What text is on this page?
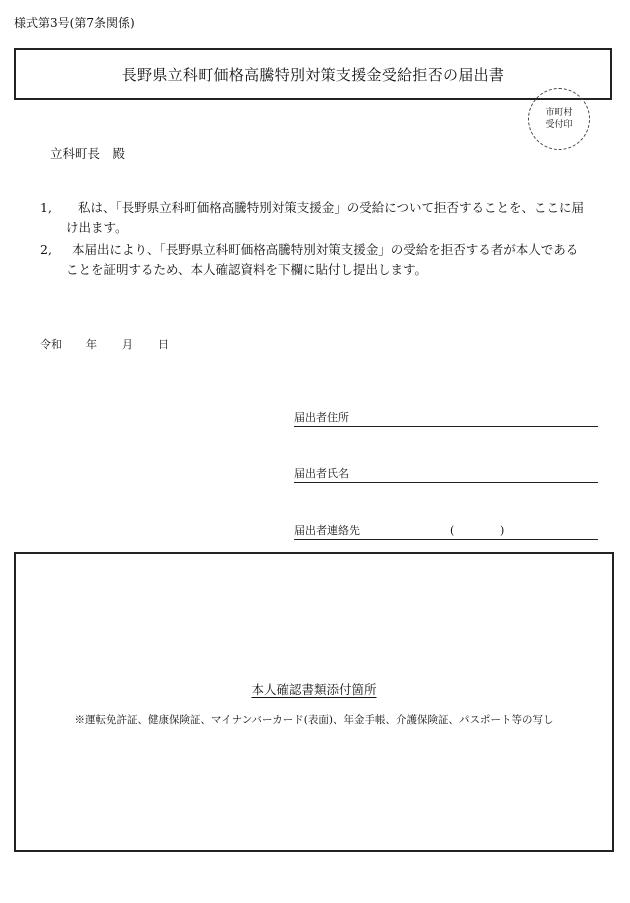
様式第3号(第7条関係)
長野県立科町価格高騰特別対策支援金受給拒否の届出書
市町村
受付印
立科町長　殿
1,	私は、「長野県立科町価格高騰特別対策支援金」の受給について拒否することを、ここに届け出ます。
2,	本届出により、「長野県立科町価格高騰特別対策支援金」の受給を拒否する者が本人であることを証明するため、本人確認資料を下欄に貼付し提出します。
令和	年	月	日
届出者住所
届出者氏名
届出者連絡先	(	)
本人確認書類添付箇所
※運転免許証、健康保険証、マイナンバーカード(表面)、年金手帳、介護保険証、パスポート等の写し
